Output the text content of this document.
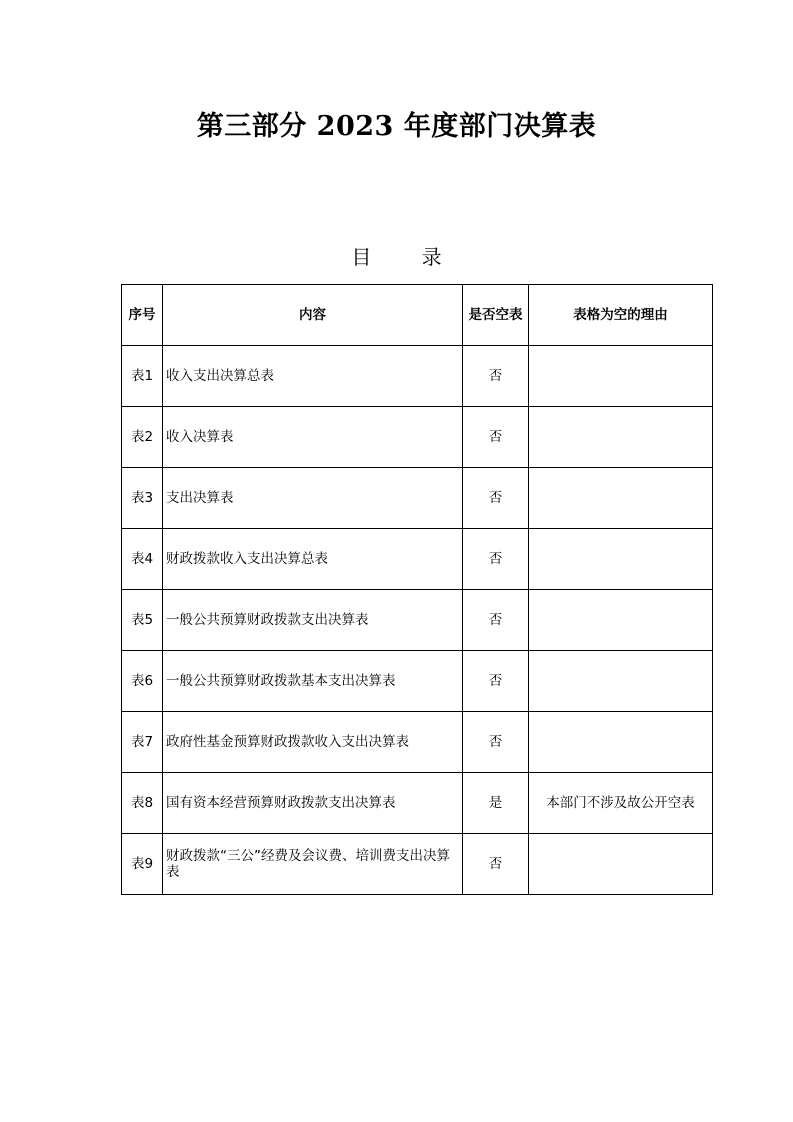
第三部分 2023 年度部门决算表
目 录
序号	内容	是否空表	表格为空的理由
表1	收入支出决算总表	否	
表2	收入决算表	否	
表3	支出决算表	否	
表4	财政拨款收入支出决算总表	否	
表5	一般公共预算财政拨款支出决算表	否	
表6	一般公共预算财政拨款基本支出决算表	否	
表7	政府性基金预算财政拨款收入支出决算表	否	
表8	国有资本经营预算财政拨款支出决算表	是	本部门不涉及故公开空表
表9	财政拨款“三公”经费及会议费、培训费支出决算表	否	
